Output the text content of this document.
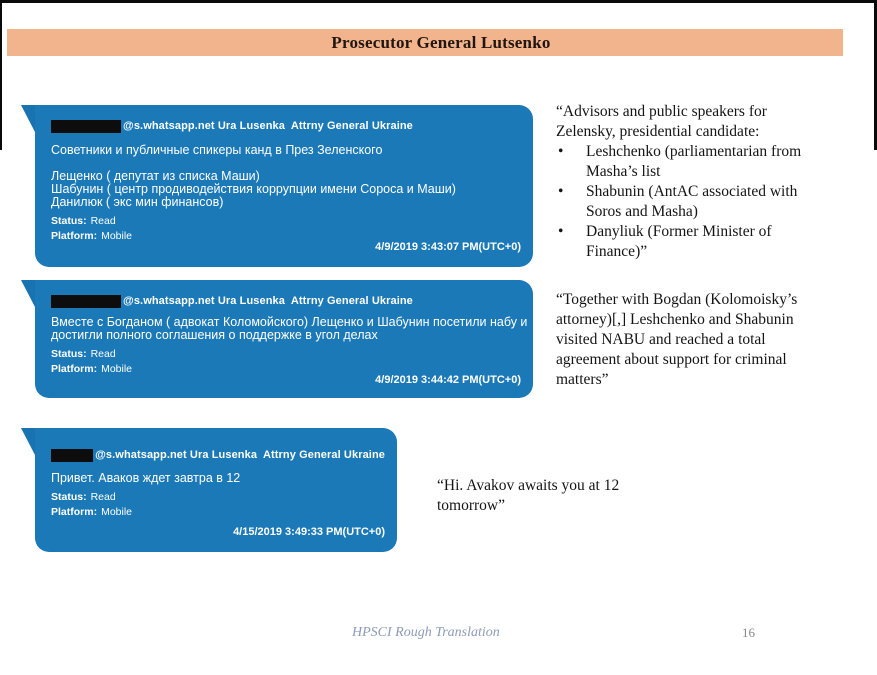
Prosecutor General Lutsenko
@s.whatsapp.net Ura Lusenka  Attrny General Ukraine
Советники и публичные спикеры канд в През Зеленского
Лещенко ( депутат из списка Маши)
Шабунин ( центр продиводействия коррупции имени Сороса и Маши)
Данилюк ( экс мин финансов)
Status: Read
Platform: Mobile
4/9/2019 3:43:07 PM(UTC+0)
@s.whatsapp.net Ura Lusenka  Attrny General Ukraine
Вместе с Богданом ( адвокат Коломойского) Лещенко и Шабунин посетили набу и
достигли полного соглашения о поддержке в угол делах
Status: Read
Platform: Mobile
4/9/2019 3:44:42 PM(UTC+0)
@s.whatsapp.net Ura Lusenka  Attrny General Ukraine
Привет. Аваков ждет завтра в 12
Status: Read
Platform: Mobile
4/15/2019 3:49:33 PM(UTC+0)
“Advisors and public speakers for
Zelensky, presidential candidate:
•	Leshchenko (parliamentarian from
Masha’s list
•	Shabunin (AntAC associated with
Soros and Masha)
•	Danyliuk (Former Minister of
Finance)”
“Together with Bogdan (Kolomoisky’s
attorney)[,] Leshchenko and Shabunin
visited NABU and reached a total
agreement about support for criminal
matters”
“Hi. Avakov awaits you at 12
tomorrow”
HPSCI Rough Translation	16
